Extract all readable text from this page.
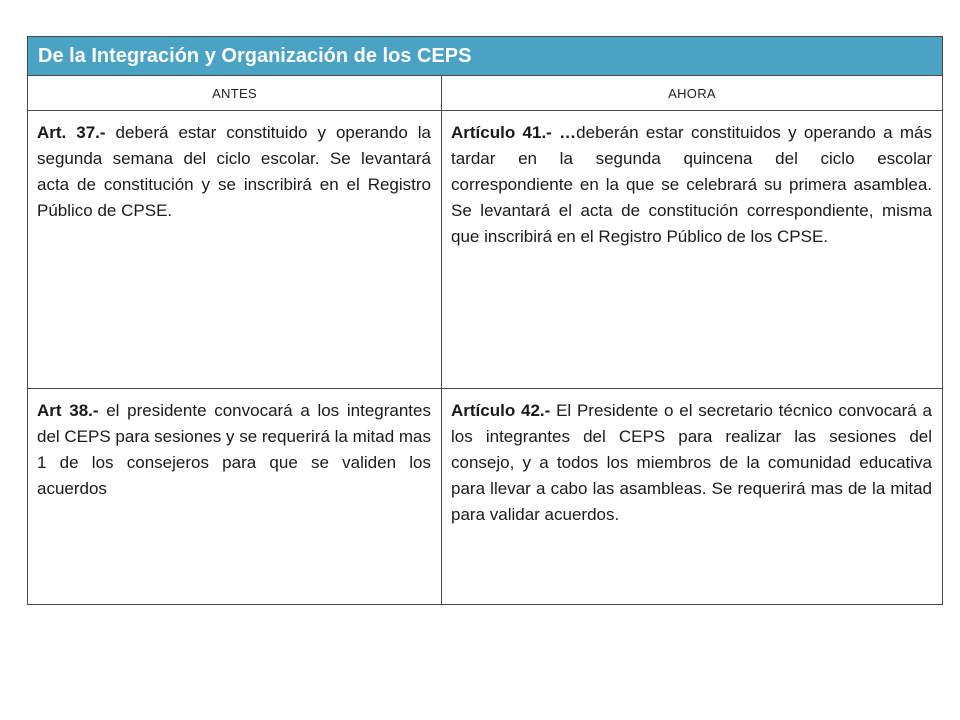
De la Integración y Organización de los CEPS	
ANTES	AHORA
Art. 37.- deberá estar constituido y operando la segunda semana del ciclo escolar. Se levantará acta de constitución y se inscribirá en el Registro Público de CPSE.	Artículo 41.- …deberán estar constituidos y operando a más tardar en la segunda quincena del ciclo escolar correspondiente en la que se celebrará su primera asamblea. Se levantará el acta de constitución correspondiente, misma que inscribirá en el Registro Público de los CPSE.
Art 38.- el presidente convocará a los integrantes del CEPS para sesiones y se requerirá la mitad mas 1 de los consejeros para que se validen los acuerdos	Artículo 42.- El Presidente o el secretario técnico convocará a los integrantes del CEPS para realizar las sesiones del consejo, y a todos los miembros de la comunidad educativa para llevar a cabo las asambleas. Se requerirá mas de la mitad para validar acuerdos.
